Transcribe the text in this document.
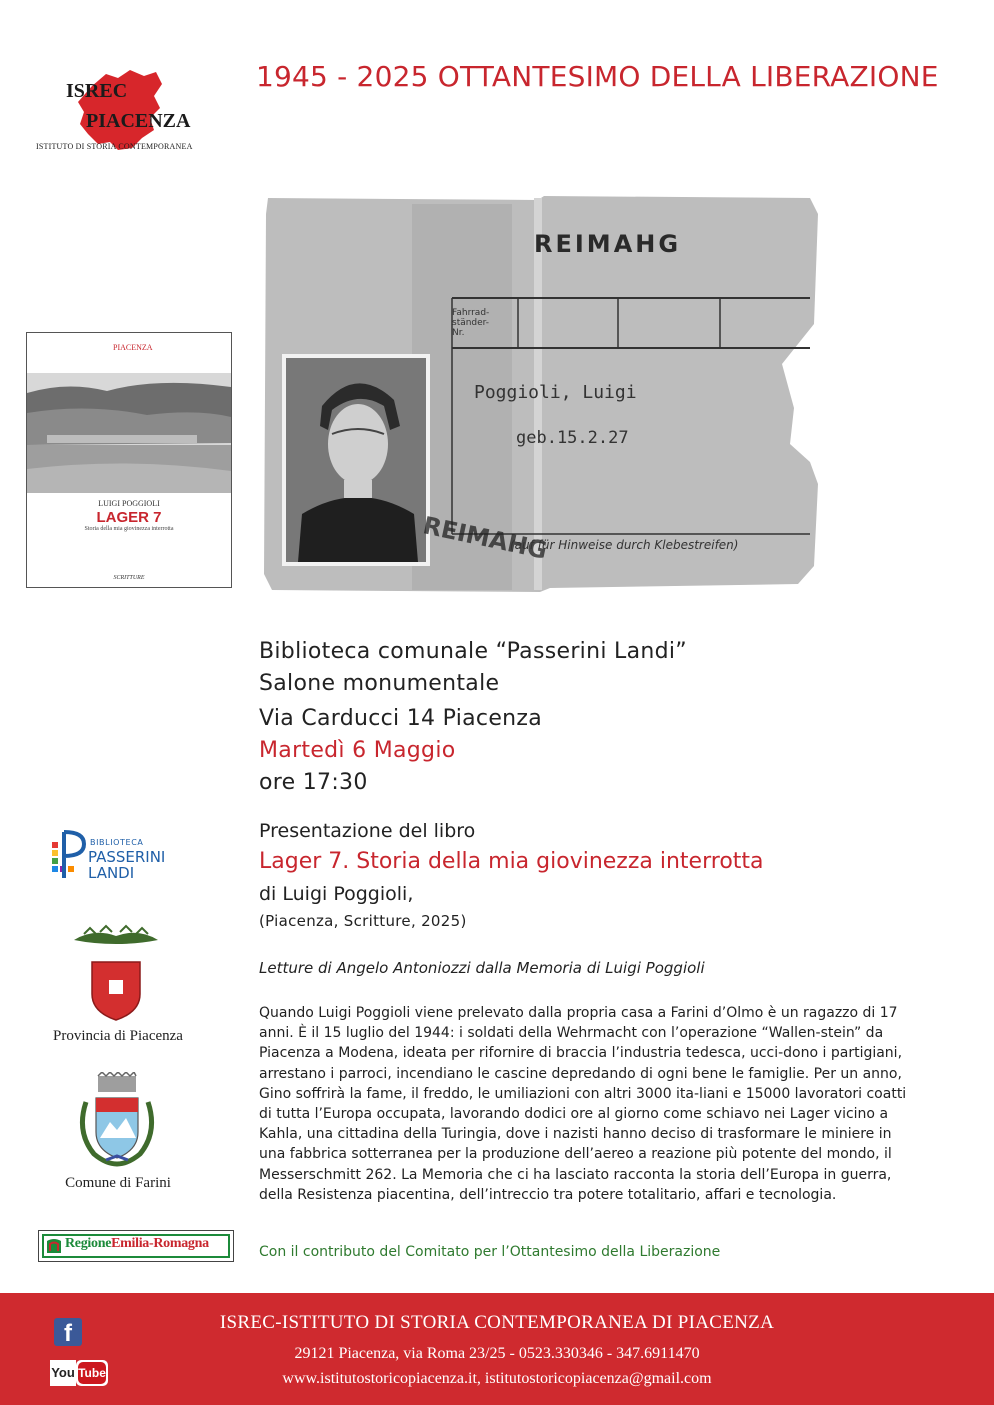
1945 - 2025 OTTANTESIMO DELLA LIBERAZIONE
ISREC
PIACENZA
ISTITUTO DI STORIA CONTEMPORANEA
PIACENZA
LUIGI POGGIOLI
LAGER 7
Storia della mia giovinezza interrotta
SCRITTURE
REIMAHG
Fahrrad-
ständer-
Nr.
Poggioli, Luigi
geb.15.2.27
REIMAHG
(auf für Hinweise durch Klebestreifen)
Biblioteca comunale “Passerini Landi”
Salone monumentale
Via Carducci 14 Piacenza
Martedì 6 Maggio
ore 17:30
Presentazione del libro
Lager 7. Storia della mia giovinezza interrotta
di Luigi Poggioli,
(Piacenza, Scritture, 2025)
Letture di Angelo Antoniozzi dalla Memoria di Luigi Poggioli
Quando Luigi Poggioli viene prelevato dalla propria casa a Farini d’Olmo è un ragazzo di 17 anni. È il 15 luglio del 1944: i soldati della Wehrmacht con l’operazione “Wallen-stein” da Piacenza a Modena, ideata per rifornire di braccia l’industria tedesca, ucci-dono i partigiani, arrestano i parroci, incendiano le cascine depredando di ogni bene le famiglie. Per un anno, Gino soffrirà la fame, il freddo, le umiliazioni con altri 3000 ita-liani e 15000 lavoratori coatti di tutta l’Europa occupata, lavorando dodici ore al giorno come schiavo nei Lager vicino a Kahla, una cittadina della Turingia, dove i nazisti hanno deciso di trasformare le miniere in una fabbrica sotterranea per la produzione dell’aereo a reazione più potente del mondo, il Messerschmitt 262. La Memoria che ci ha lasciato racconta la storia dell’Europa in guerra, della Resistenza piacentina, dell’intreccio tra potere totalitario, affari e tecnologia.
Con il contributo del Comitato per l’Ottantesimo della Liberazione
BIBLIOTECA
PASSERINI
LANDI
Provincia di Piacenza
Comune di Farini
RegioneEmilia-Romagna
ISREC-ISTITUTO DI STORIA CONTEMPORANEA DI PIACENZA
29121 Piacenza, via Roma 23/25 - 0523.330346 - 347.6911470
www.istitutostoricopiacenza.it, istitutostoricopiacenza@gmail.com
f
You Tube
